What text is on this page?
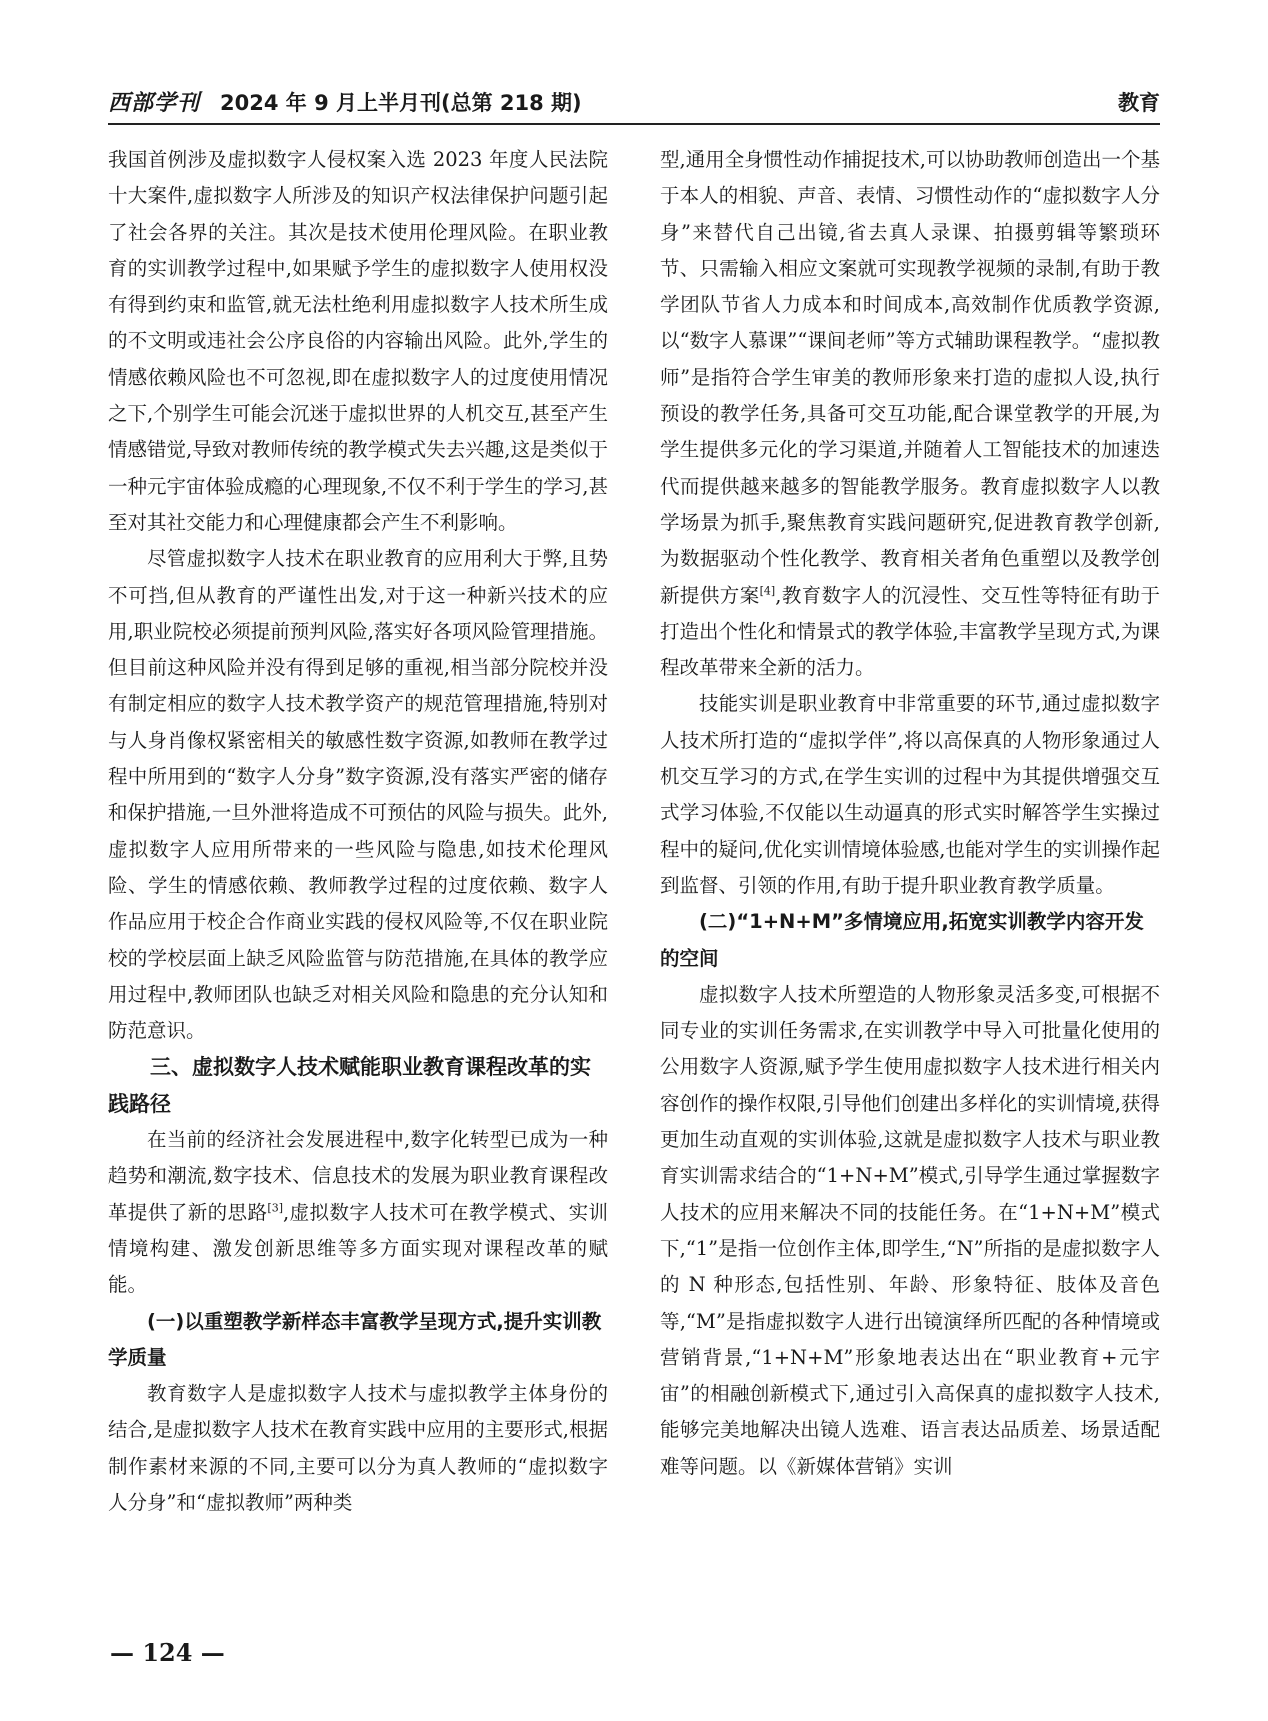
西部学刊 2024 年 9 月上半月刊(总第 218 期)	教育

我国首例涉及虚拟数字人侵权案入选 2023 年度人民法院十大案件,虚拟数字人所涉及的知识产权法律保护问题引起了社会各界的关注。其次是技术使用伦理风险。在职业教育的实训教学过程中,如果赋予学生的虚拟数字人使用权没有得到约束和监管,就无法杜绝利用虚拟数字人技术所生成的不文明或违社会公序良俗的内容输出风险。此外,学生的情感依赖风险也不可忽视,即在虚拟数字人的过度使用情况之下,个别学生可能会沉迷于虚拟世界的人机交互,甚至产生情感错觉,导致对教师传统的教学模式失去兴趣,这是类似于一种元宇宙体验成瘾的心理现象,不仅不利于学生的学习,甚至对其社交能力和心理健康都会产生不利影响。

尽管虚拟数字人技术在职业教育的应用利大于弊,且势不可挡,但从教育的严谨性出发,对于这一种新兴技术的应用,职业院校必须提前预判风险,落实好各项风险管理措施。但目前这种风险并没有得到足够的重视,相当部分院校并没有制定相应的数字人技术教学资产的规范管理措施,特别对与人身肖像权紧密相关的敏感性数字资源,如教师在教学过程中所用到的“数字人分身”数字资源,没有落实严密的储存和保护措施,一旦外泄将造成不可预估的风险与损失。此外,虚拟数字人应用所带来的一些风险与隐患,如技术伦理风险、学生的情感依赖、教师教学过程的过度依赖、数字人作品应用于校企合作商业实践的侵权风险等,不仅在职业院校的学校层面上缺乏风险监管与防范措施,在具体的教学应用过程中,教师团队也缺乏对相关风险和隐患的充分认知和防范意识。

三、虚拟数字人技术赋能职业教育课程改革的实践路径

在当前的经济社会发展进程中,数字化转型已成为一种趋势和潮流,数字技术、信息技术的发展为职业教育课程改革提供了新的思路[3],虚拟数字人技术可在教学模式、实训情境构建、激发创新思维等多方面实现对课程改革的赋能。

(一)以重塑教学新样态丰富教学呈现方式,提升实训教学质量

教育数字人是虚拟数字人技术与虚拟教学主体身份的结合,是虚拟数字人技术在教育实践中应用的主要形式,根据制作素材来源的不同,主要可以分为真人教师的“虚拟数字人分身”和“虚拟教师”两种类

型,通用全身惯性动作捕捉技术,可以协助教师创造出一个基于本人的相貌、声音、表情、习惯性动作的“虚拟数字人分身”来替代自己出镜,省去真人录课、拍摄剪辑等繁琐环节、只需输入相应文案就可实现教学视频的录制,有助于教学团队节省人力成本和时间成本,高效制作优质教学资源,以“数字人慕课”“课间老师”等方式辅助课程教学。“虚拟教师”是指符合学生审美的教师形象来打造的虚拟人设,执行预设的教学任务,具备可交互功能,配合课堂教学的开展,为学生提供多元化的学习渠道,并随着人工智能技术的加速迭代而提供越来越多的智能教学服务。教育虚拟数字人以教学场景为抓手,聚焦教育实践问题研究,促进教育教学创新,为数据驱动个性化教学、教育相关者角色重塑以及教学创新提供方案[4],教育数字人的沉浸性、交互性等特征有助于打造出个性化和情景式的教学体验,丰富教学呈现方式,为课程改革带来全新的活力。

技能实训是职业教育中非常重要的环节,通过虚拟数字人技术所打造的“虚拟学伴”,将以高保真的人物形象通过人机交互学习的方式,在学生实训的过程中为其提供增强交互式学习体验,不仅能以生动逼真的形式实时解答学生实操过程中的疑问,优化实训情境体验感,也能对学生的实训操作起到监督、引领的作用,有助于提升职业教育教学质量。

(二)“1+N+M”多情境应用,拓宽实训教学内容开发的空间

虚拟数字人技术所塑造的人物形象灵活多变,可根据不同专业的实训任务需求,在实训教学中导入可批量化使用的公用数字人资源,赋予学生使用虚拟数字人技术进行相关内容创作的操作权限,引导他们创建出多样化的实训情境,获得更加生动直观的实训体验,这就是虚拟数字人技术与职业教育实训需求结合的“1+N+M”模式,引导学生通过掌握数字人技术的应用来解决不同的技能任务。在“1+N+M”模式下,“1”是指一位创作主体,即学生,“N”所指的是虚拟数字人的 N 种形态,包括性别、年龄、形象特征、肢体及音色等,“M”是指虚拟数字人进行出镜演绎所匹配的各种情境或营销背景,“1+N+M”形象地表达出在“职业教育+元宇宙”的相融创新模式下,通过引入高保真的虚拟数字人技术,能够完美地解决出镜人选难、语言表达品质差、场景适配难等问题。以《新媒体营销》实训

— 124 —
